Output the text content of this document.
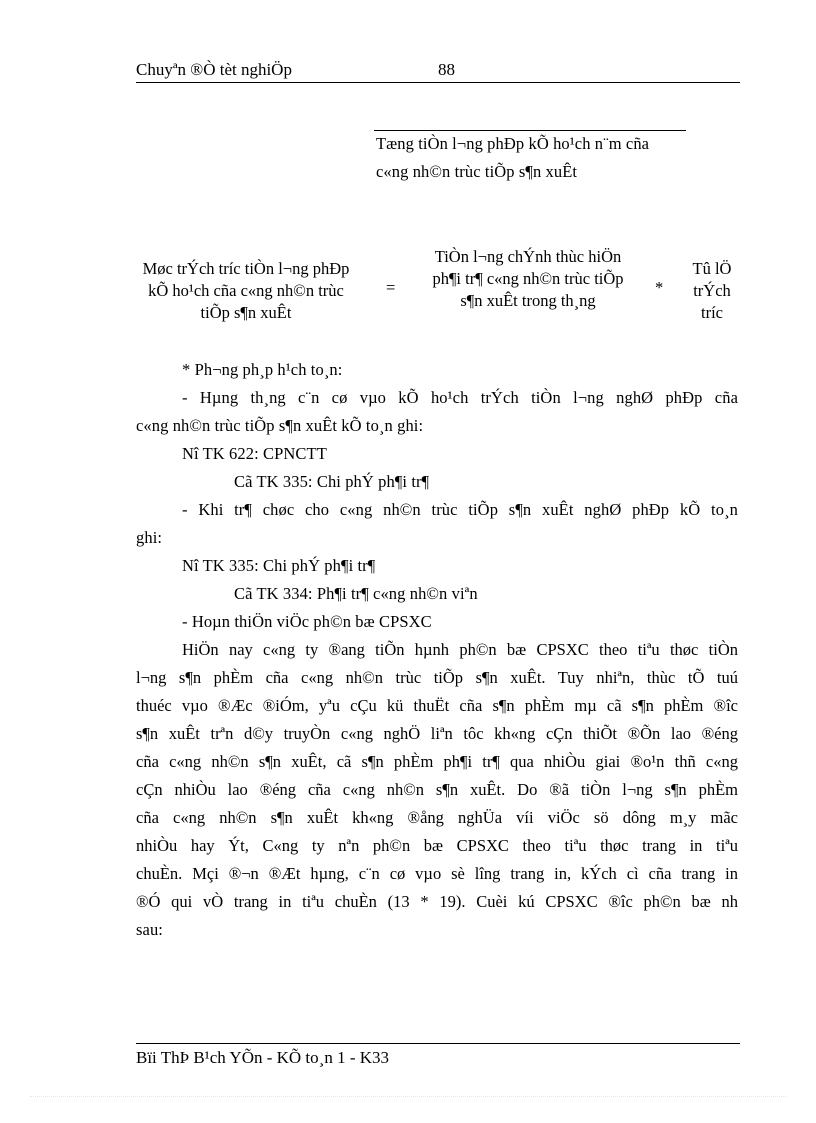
Chuyªn ®Ò tèt nghiÖp	88
Tæng tiÒn l¬ng phÐp kÕ ho¹ch n¨m cña
c«ng nh©n trùc tiÕp s¶n xuÊt
Møc trÝch tríc tiÒn l¬ng phÐp kÕ ho¹ch cña c«ng nh©n trùc tiÕp s¶n xuÊt
=
TiÒn l¬ng chÝnh thùc hiÖn ph¶i tr¶ c«ng nh©n trùc tiÕp s¶n xuÊt trong th¸ng
*
Tû lÖ trÝch tríc
* Ph¬ng ph¸p h¹ch to¸n:
- Hµng th¸ng c¨n cø vµo kÕ ho¹ch trÝch tiÒn l¬ng nghØ phÐp cña
c«ng nh©n trùc tiÕp s¶n xuÊt kÕ to¸n ghi:
Nî TK 622: CPNCTT
Cã TK 335: Chi phÝ ph¶i tr¶
- Khi tr¶ chøc cho c«ng nh©n trùc tiÕp s¶n xuÊt nghØ phÐp kÕ to¸n
ghi:
Nî TK 335: Chi phÝ ph¶i tr¶
Cã TK 334: Ph¶i tr¶ c«ng nh©n viªn
- Hoµn thiÖn viÖc ph©n bæ CPSXC
HiÖn nay c«ng ty ®ang tiÕn hµnh ph©n bæ CPSXC theo tiªu thøc tiÒn
l¬ng s¶n phÈm cña c«ng nh©n trùc tiÕp s¶n xuÊt. Tuy nhiªn, thùc tÕ tuú
thuéc vµo ®Æc ®iÓm, yªu cÇu kü thuËt cña s¶n phÈm mµ cã s¶n phÈm ®îc
s¶n xuÊt trªn d©y truyÒn c«ng nghÖ liªn tôc kh«ng cÇn thiÕt ®Õn lao ®éng
cña c«ng nh©n s¶n xuÊt, cã s¶n phÈm ph¶i tr¶ qua nhiÒu giai ®o¹n thñ c«ng
cÇn nhiÒu lao ®éng cña c«ng nh©n s¶n xuÊt. Do ®ã tiÒn l¬ng s¶n phÈm
cña c«ng nh©n s¶n xuÊt kh«ng ®ång nghÜa víi viÖc sö dông m¸y mãc
nhiÒu hay Ýt, C«ng ty nªn ph©n bæ CPSXC theo tiªu thøc trang in tiªu
chuÈn. Mçi ®¬n ®Æt hµng, c¨n cø vµo sè lîng trang in, kÝch cì cña trang in
®Ó qui vÒ trang in tiªu chuÈn (13 * 19). Cuèi kú CPSXC ®îc ph©n bæ nh
sau:
Bïi ThÞ B¹ch YÕn - KÕ to¸n 1 - K33
